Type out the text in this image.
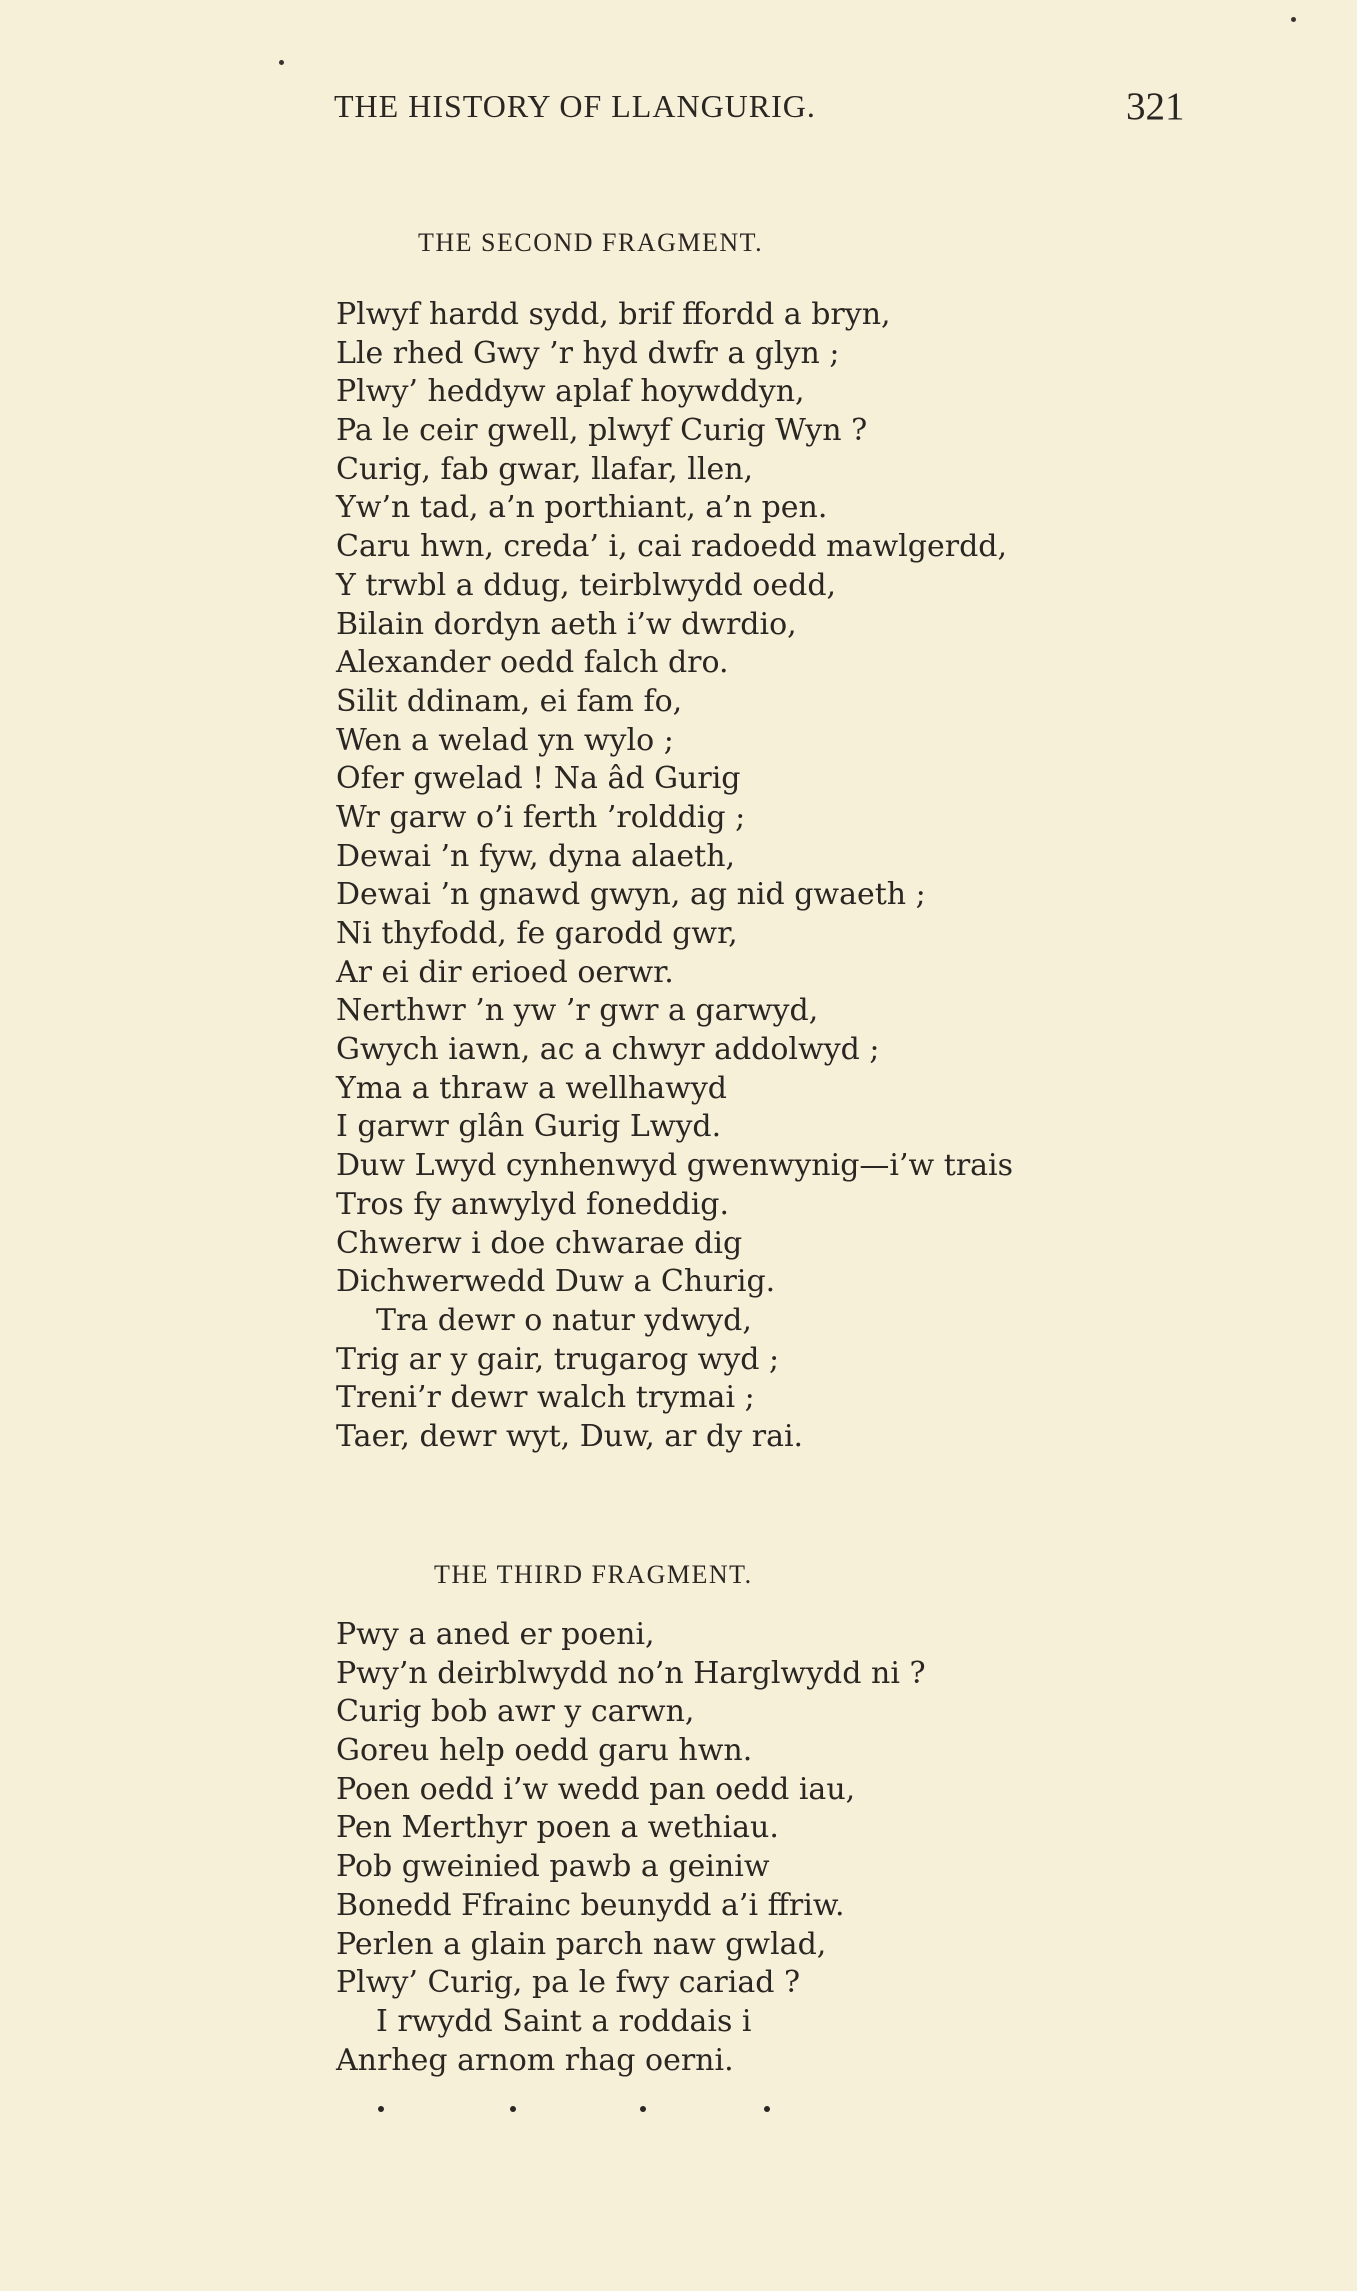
THE HISTORY OF LLANGURIG.	321
THE SECOND FRAGMENT.
Plwyf hardd sydd, brif ffordd a bryn,
Lle rhed Gwy ’r hyd dwfr a glyn ;
Plwy’ heddyw aplaf hoywddyn,
Pa le ceir gwell, plwyf Curig Wyn ?
Curig, fab gwar, llafar, llen,
Yw’n tad, a’n porthiant, a’n pen.
Caru hwn, creda’ i, cai radoedd mawlgerdd,
Y trwbl a ddug, teirblwydd oedd,
Bilain dordyn aeth i’w dwrdio,
Alexander oedd falch dro.
Silit ddinam, ei fam fo,
Wen a welad yn wylo ;
Ofer gwelad ! Na âd Gurig
Wr garw o’i ferth ’rolddig ;
Dewai ’n fyw, dyna alaeth,
Dewai ’n gnawd gwyn, ag nid gwaeth ;
Ni thyfodd, fe garodd gwr,
Ar ei dir erioed oerwr.
Nerthwr ’n yw ’r gwr a garwyd,
Gwych iawn, ac a chwyr addolwyd ;
Yma a thraw a wellhawyd
I garwr glân Gurig Lwyd.
Duw Lwyd cynhenwyd gwenwynig—i’w trais
Tros fy anwylyd foneddig.
Chwerw i doe chwarae dig
Dichwerwedd Duw a Churig.
Tra dewr o natur ydwyd,
Trig ar y gair, trugarog wyd ;
Treni’r dewr walch trymai ;
Taer, dewr wyt, Duw, ar dy rai.
THE THIRD FRAGMENT.
Pwy a aned er poeni,
Pwy’n deirblwydd no’n Harglwydd ni ?
Curig bob awr y carwn,
Goreu help oedd garu hwn.
Poen oedd i’w wedd pan oedd iau,
Pen Merthyr poen a wethiau.
Pob gweinied pawb a geiniw
Bonedd Ffrainc beunydd a’i ffriw.
Perlen a glain parch naw gwlad,
Plwy’ Curig, pa le fwy cariad ?
I rwydd Saint a roddais i
Anrheg arnom rhag oerni.
